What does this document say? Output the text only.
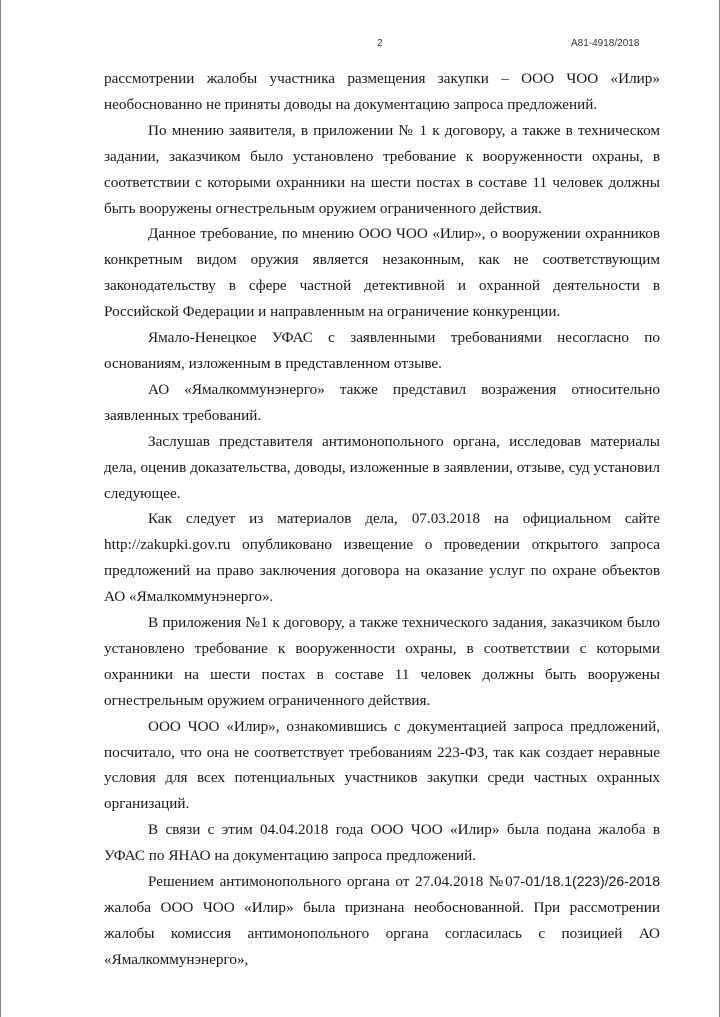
2	А81-4918/2018

рассмотрении жалобы участника размещения закупки – ООО ЧОО «Илир» необоснованно не приняты доводы на документацию запроса предложений.

По мнению заявителя, в приложении № 1 к договору, а также в техническом задании, заказчиком было установлено требование к вооруженности охраны, в соответствии с которыми охранники на шести постах в составе 11 человек должны быть вооружены огнестрельным оружием ограниченного действия.

Данное требование, по мнению ООО ЧОО «Илир», о вооружении охранников конкретным видом оружия является незаконным, как не соответствующим законодательству в сфере частной детективной и охранной деятельности в Российской Федерации и направленным на ограничение конкуренции.

Ямало-Ненецкое УФАС с заявленными требованиями несогласно по основаниям, изложенным в представленном отзыве.

АО «Ямалкоммунэнерго» также представил возражения относительно заявленных требований.

Заслушав представителя антимонопольного органа, исследовав материалы дела, оценив доказательства, доводы, изложенные в заявлении, отзыве, суд установил следующее.

Как следует из материалов дела, 07.03.2018 на официальном сайте http://zakupki.gov.ru опубликовано извещение о проведении открытого запроса предложений на право заключения договора на оказание услуг по охране объектов АО «Ямалкоммунэнерго».

В приложения №1 к договору, а также технического задания, заказчиком было установлено требование к вооруженности охраны, в соответствии с которыми охранники на шести постах в составе 11 человек должны быть вооружены огнестрельным оружием ограниченного действия.

ООО ЧОО «Илир», ознакомившись с документацией запроса предложений, посчитало, что она не соответствует требованиям 223-ФЗ, так как создает неравные условия для всех потенциальных участников закупки среди частных охранных организаций.

В связи с этим 04.04.2018 года ООО ЧОО «Илир» была подана жалоба в УФАС по ЯНАО на документацию запроса предложений.

Решением антимонопольного органа от 27.04.2018 №07-01/18.1(223)/26-2018 жалоба ООО ЧОО «Илир» была признана необоснованной. При рассмотрении жалобы комиссия антимонопольного органа согласилась с позицией АО «Ямалкоммунэнерго»,
